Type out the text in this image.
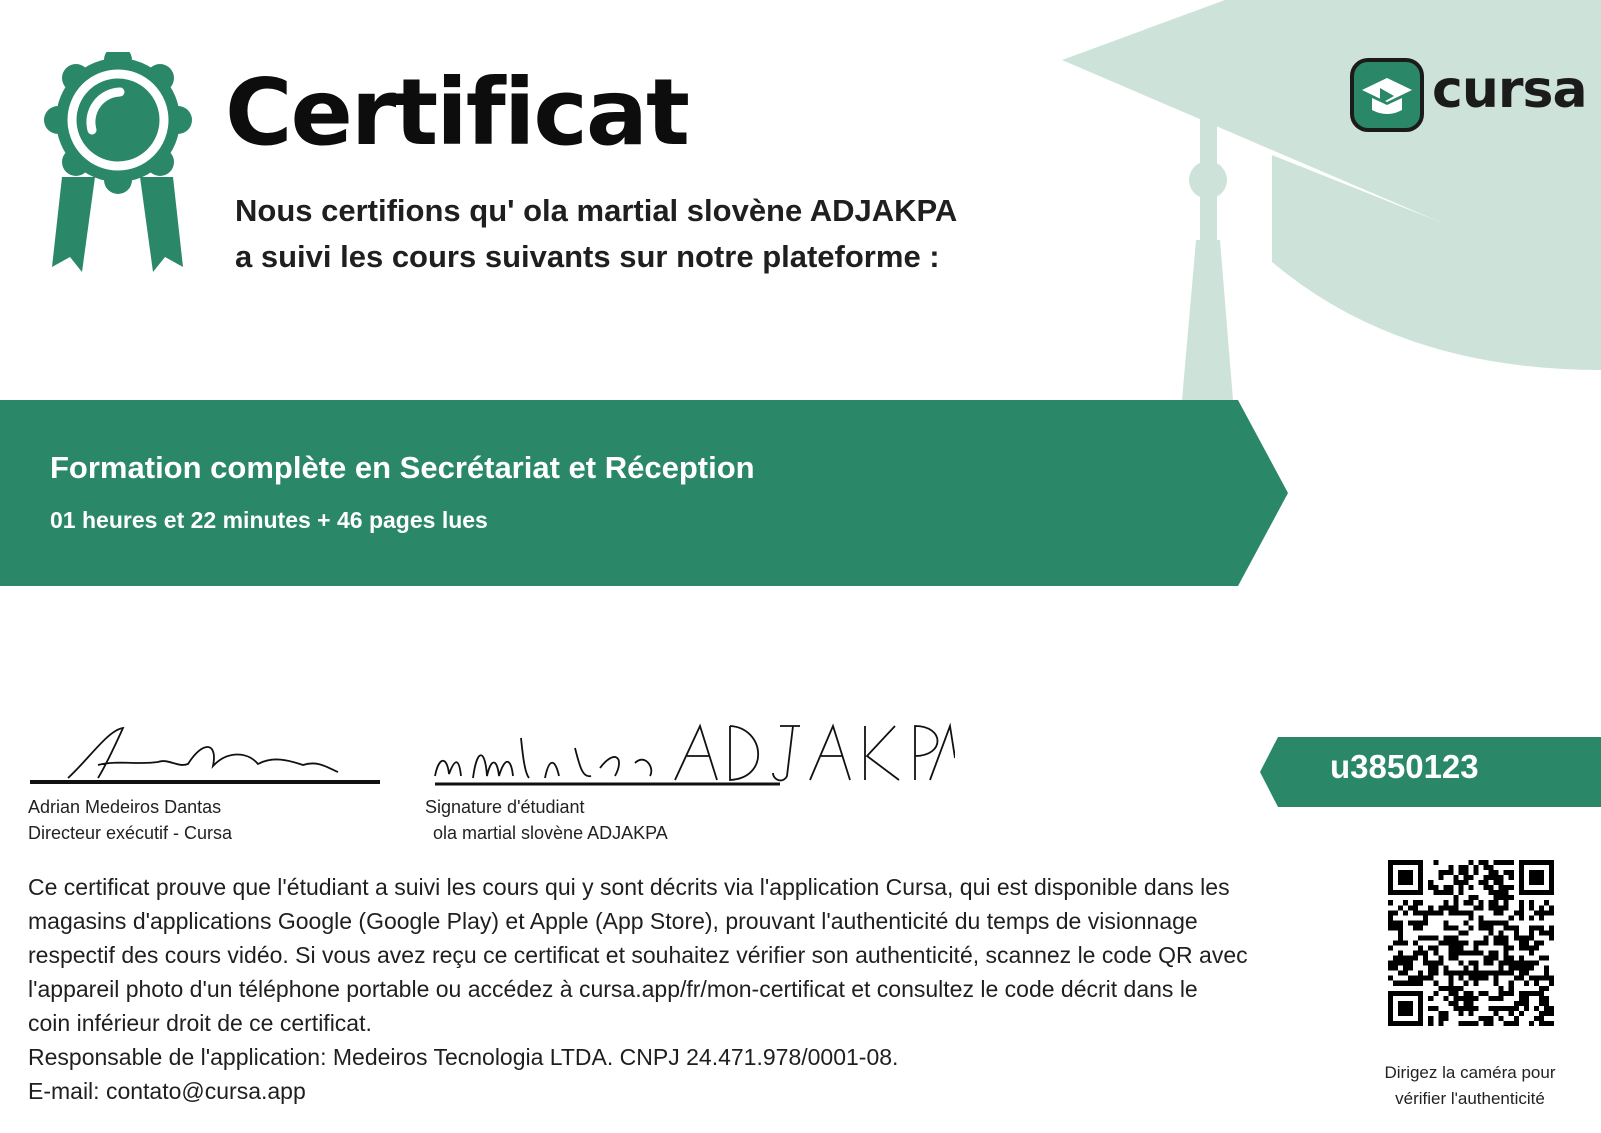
Certificat
Nous certifions qu' ola martial slovène ADJAKPA
a suivi les cours suivants sur notre plateforme :
cursa
Formation complète en Secrétariat et Réception
01 heures et 22 minutes + 46 pages lues
Adrian Medeiros Dantas
Directeur exécutif - Cursa
Signature d'étudiant
ola martial slovène ADJAKPA
u3850123
Ce certificat prouve que l'étudiant a suivi les cours qui y sont décrits via l'application Cursa, qui est disponible dans les
magasins d'applications Google (Google Play) et Apple (App Store), prouvant l'authenticité du temps de visionnage
respectif des cours vidéo. Si vous avez reçu ce certificat et souhaitez vérifier son authenticité, scannez le code QR avec
l'appareil photo d'un téléphone portable ou accédez à cursa.app/fr/mon-certificat et consultez le code décrit dans le
coin inférieur droit de ce certificat.
Responsable de l'application: Medeiros Tecnologia LTDA. CNPJ 24.471.978/0001-08.
E-mail: contato@cursa.app
Dirigez la caméra pour
vérifier l'authenticité
